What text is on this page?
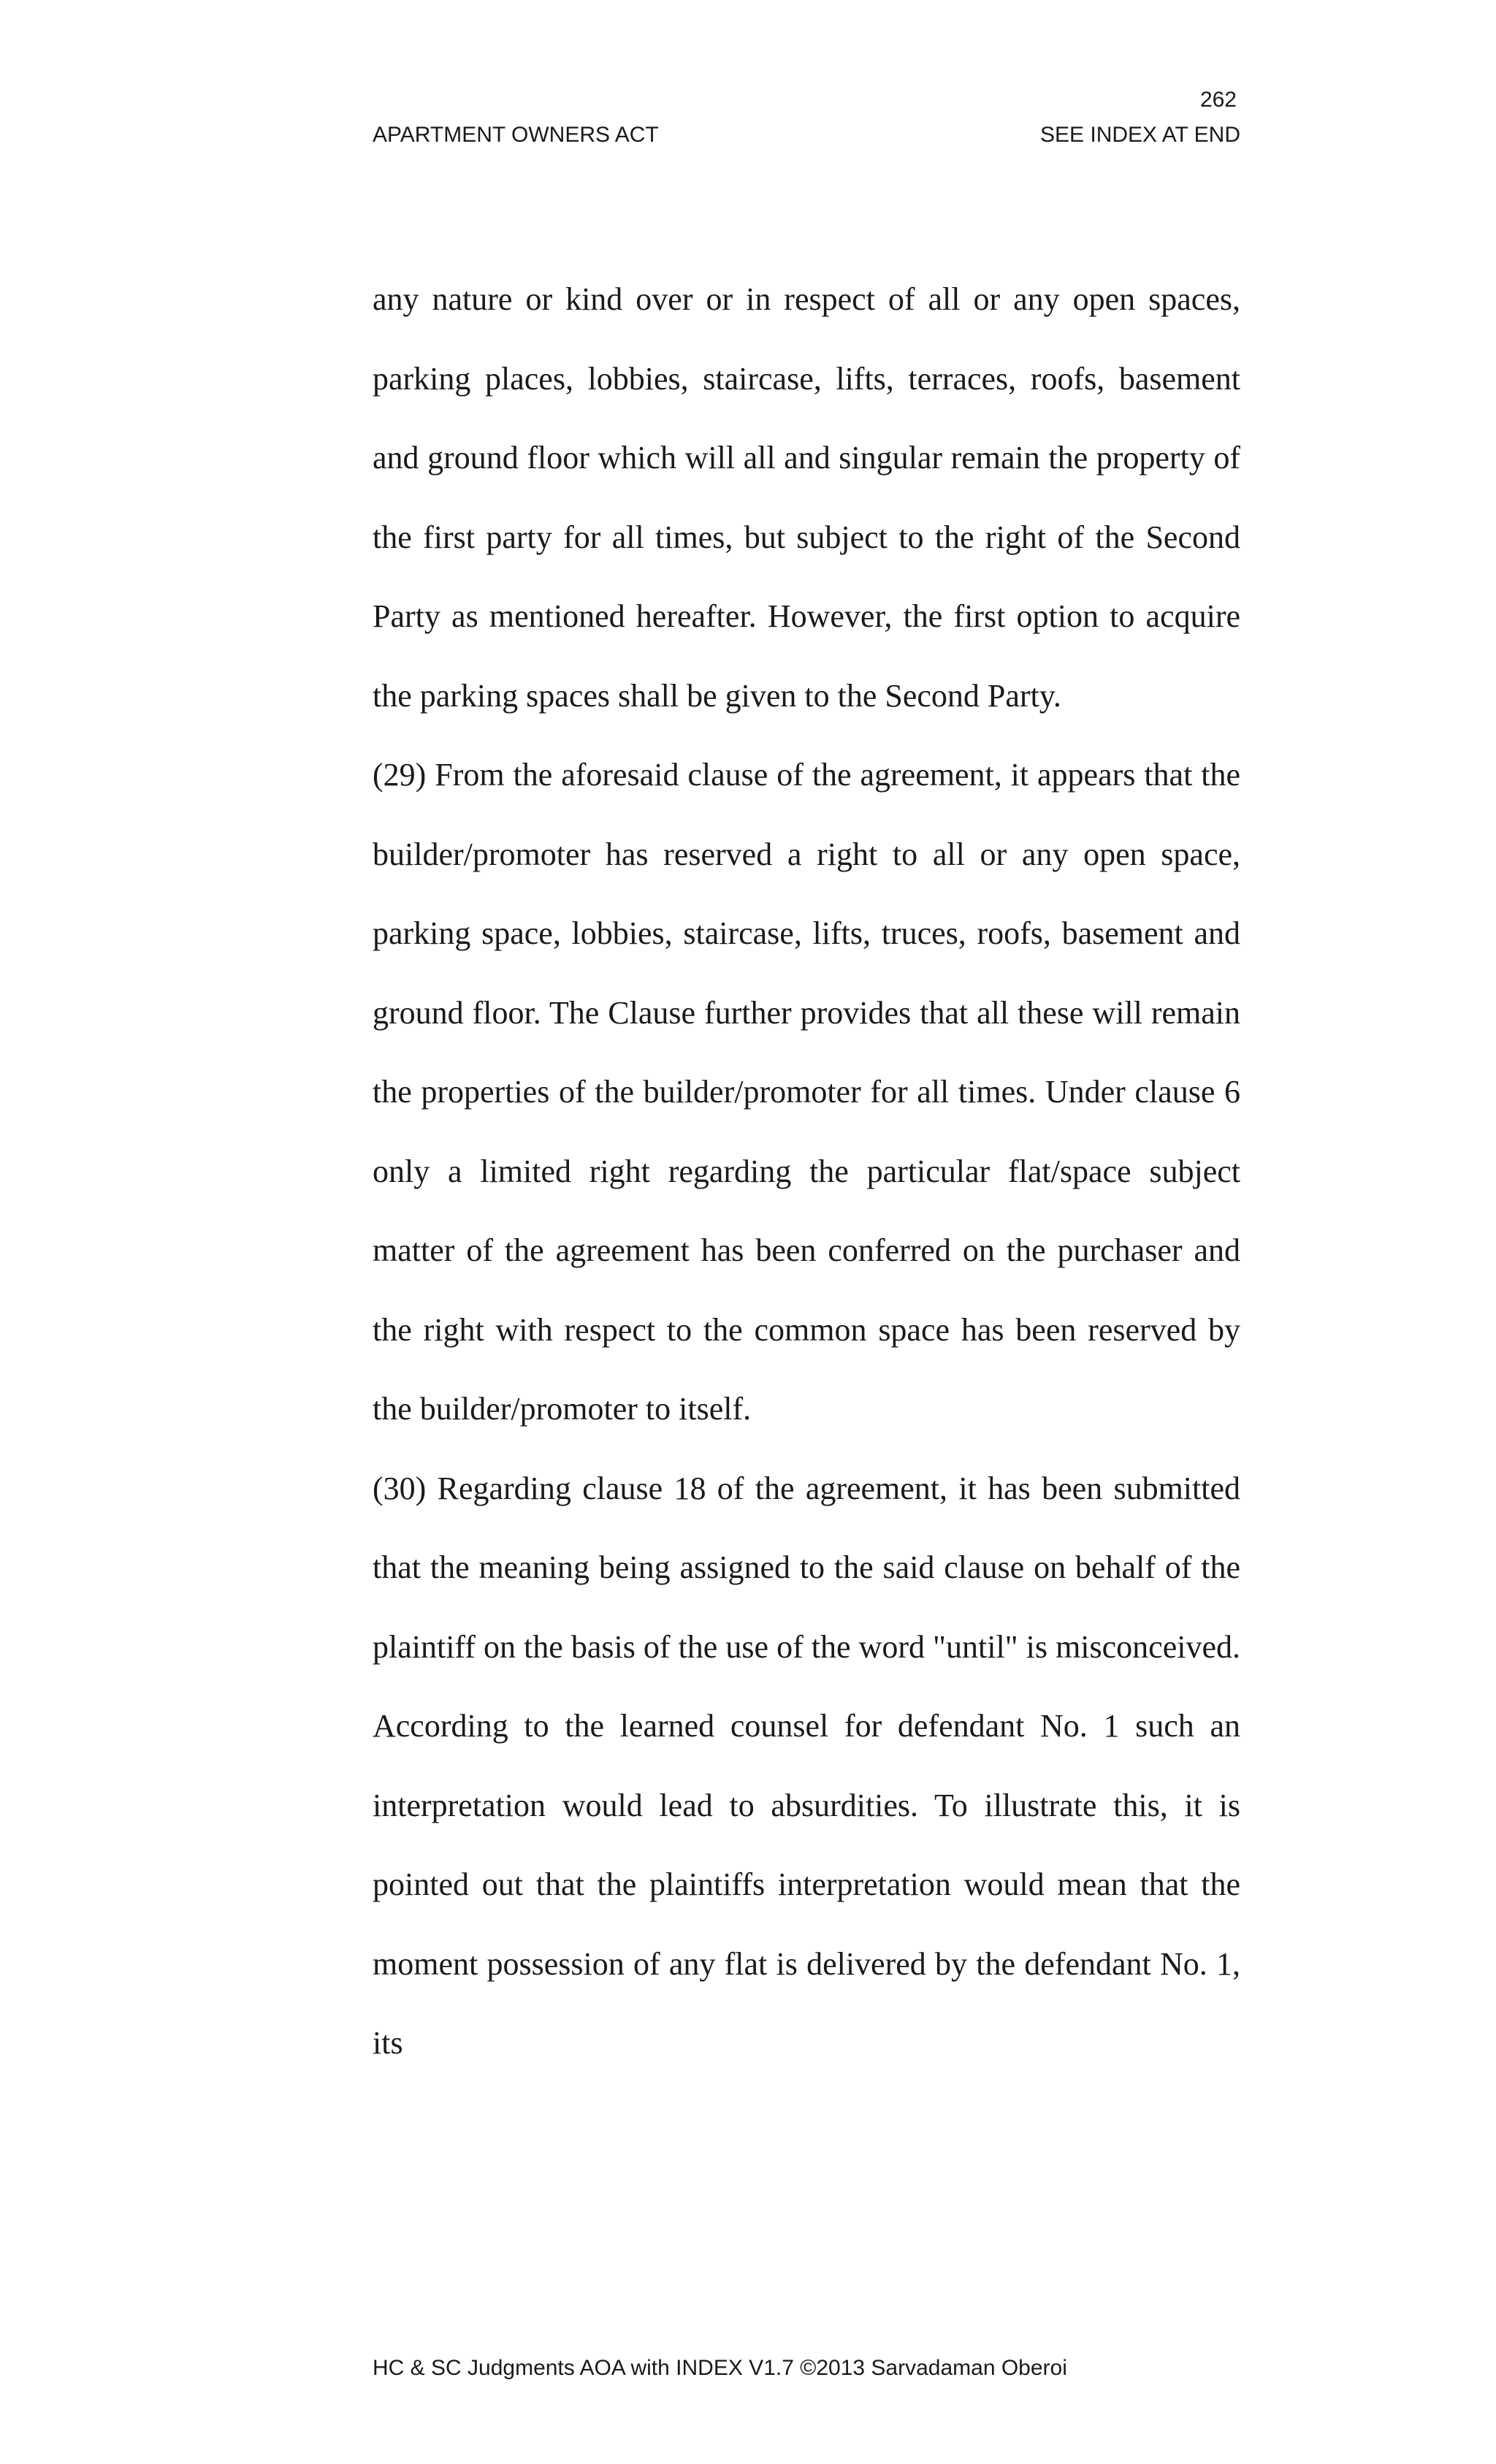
262
APARTMENT OWNERS ACT	SEE INDEX AT END

any nature or kind over or in respect of all or any open spaces, parking places, lobbies, staircase, lifts, terraces, roofs, basement and ground floor which will all and singular remain the property of the first party for all times, but subject to the right of the Second Party as mentioned hereafter. However, the first option to acquire the parking spaces shall be given to the Second Party.

(29) From the aforesaid clause of the agreement, it appears that the builder/promoter has reserved a right to all or any open space, parking space, lobbies, staircase, lifts, truces, roofs, basement and ground floor. The Clause further provides that all these will remain the properties of the builder/promoter for all times. Under clause 6 only a limited right regarding the particular flat/space subject matter of the agreement has been conferred on the purchaser and the right with respect to the common space has been reserved by the builder/promoter to itself.

(30) Regarding clause 18 of the agreement, it has been submitted that the meaning being assigned to the said clause on behalf of the plaintiff on the basis of the use of the word "until" is misconceived. According to the learned counsel for defendant No. 1 such an interpretation would lead to absurdities. To illustrate this, it is pointed out that the plaintiffs interpretation would mean that the moment possession of any flat is delivered by the defendant No. 1, its

HC & SC Judgments AOA with INDEX V1.7 ©2013 Sarvadaman Oberoi
